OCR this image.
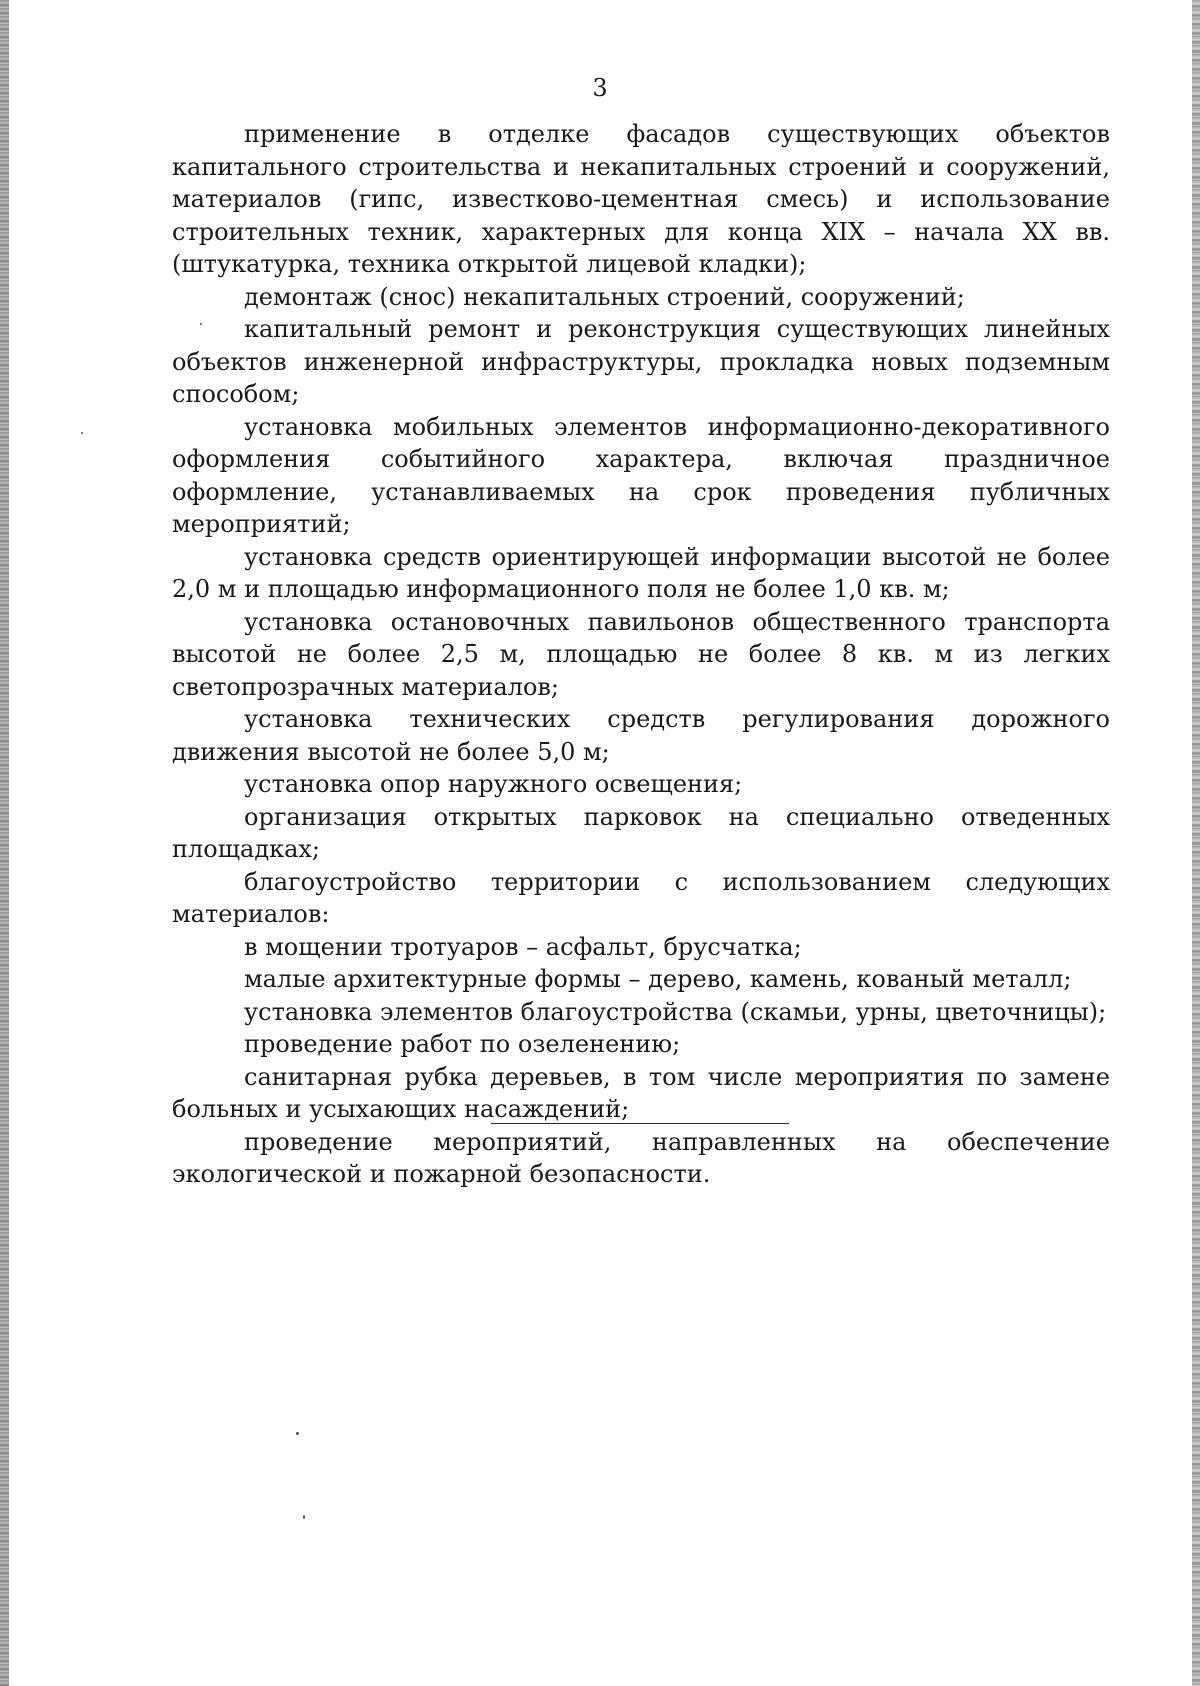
3

применение в отделке фасадов существующих объектов капитального строительства и некапитальных строений и сооружений, материалов (гипс, известково-цементная смесь) и использование строительных техник, характерных для конца XIX – начала XX вв. (штукатурка, техника открытой лицевой кладки);

демонтаж (снос) некапитальных строений, сооружений;

капитальный ремонт и реконструкция существующих линейных объектов инженерной инфраструктуры, прокладка новых подземным способом;

установка мобильных элементов информационно-декоративного оформления событийного характера, включая праздничное оформление, устанавливаемых на срок проведения публичных мероприятий;

установка средств ориентирующей информации высотой не более 2,0 м и площадью информационного поля не более 1,0 кв. м;

установка остановочных павильонов общественного транспорта высотой не более 2,5 м, площадью не более 8 кв. м из легких светопрозрачных материалов;

установка технических средств регулирования дорожного движения высотой не более 5,0 м;

установка опор наружного освещения;

организация открытых парковок на специально отведенных площадках;

благоустройство территории с использованием следующих материалов:

в мощении тротуаров – асфальт, брусчатка;

малые архитектурные формы – дерево, камень, кованый металл;

установка элементов благоустройства (скамьи, урны, цветочницы);

проведение работ по озеленению;

санитарная рубка деревьев, в том числе мероприятия по замене больных и усыхающих насаждений;

проведение мероприятий, направленных на обеспечение экологической и пожарной безопасности.
